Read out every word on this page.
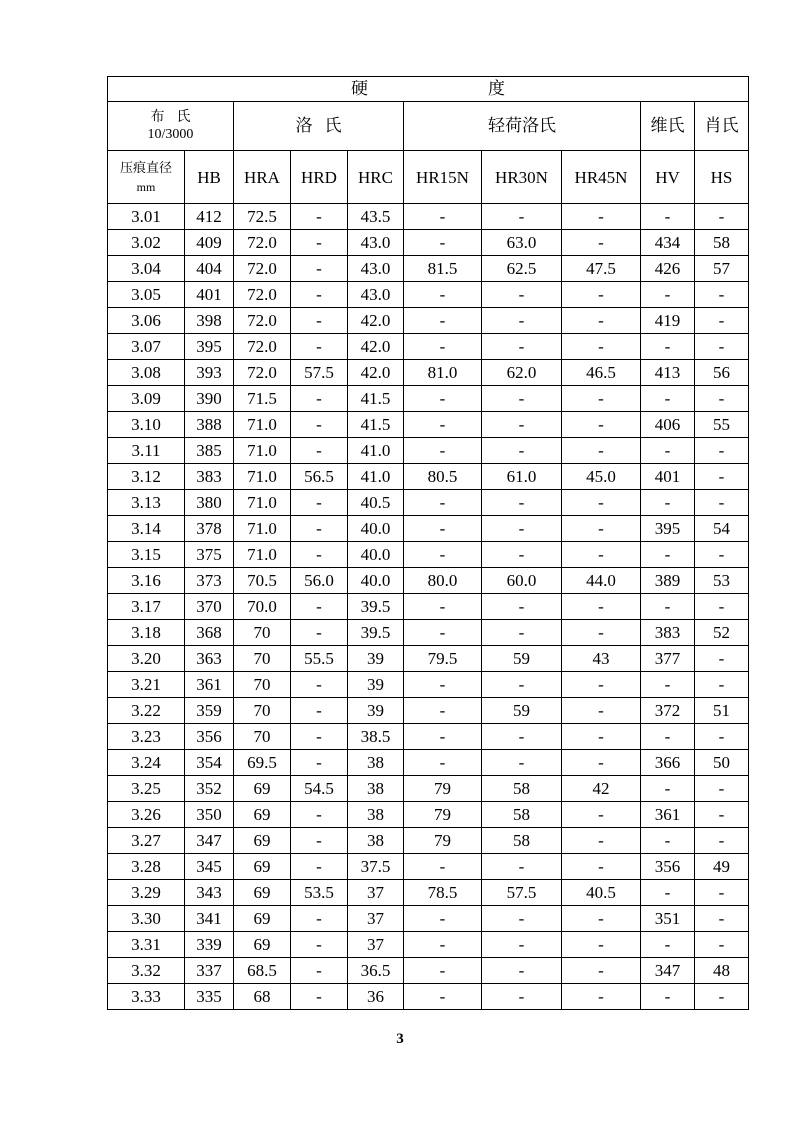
硬 度									

布 氏
10/3000		洛 氏			轻荷洛氏			维氏	肖氏

压痕直径
mm	HB	HRA	HRD	HRC	HR15N	HR30N	HR45N	HV	HS
3.01	412	72.5	-	43.5	-	-	-	-	-
3.02	409	72.0	-	43.0	-	63.0	-	434	58
3.04	404	72.0	-	43.0	81.5	62.5	47.5	426	57
3.05	401	72.0	-	43.0	-	-	-	-	-
3.06	398	72.0	-	42.0	-	-	-	419	-
3.07	395	72.0	-	42.0	-	-	-	-	-
3.08	393	72.0	57.5	42.0	81.0	62.0	46.5	413	56
3.09	390	71.5	-	41.5	-	-	-	-	-
3.10	388	71.0	-	41.5	-	-	-	406	55
3.11	385	71.0	-	41.0	-	-	-	-	-
3.12	383	71.0	56.5	41.0	80.5	61.0	45.0	401	-
3.13	380	71.0	-	40.5	-	-	-	-	-
3.14	378	71.0	-	40.0	-	-	-	395	54
3.15	375	71.0	-	40.0	-	-	-	-	-
3.16	373	70.5	56.0	40.0	80.0	60.0	44.0	389	53
3.17	370	70.0	-	39.5	-	-	-	-	-
3.18	368	70	-	39.5	-	-	-	383	52
3.20	363	70	55.5	39	79.5	59	43	377	-
3.21	361	70	-	39	-	-	-	-	-
3.22	359	70	-	39	-	59	-	372	51
3.23	356	70	-	38.5	-	-	-	-	-
3.24	354	69.5	-	38	-	-	-	366	50
3.25	352	69	54.5	38	79	58	42	-	-
3.26	350	69	-	38	79	58	-	361	-
3.27	347	69	-	38	79	58	-	-	-
3.28	345	69	-	37.5	-	-	-	356	49
3.29	343	69	53.5	37	78.5	57.5	40.5	-	-
3.30	341	69	-	37	-	-	-	351	-
3.31	339	69	-	37	-	-	-	-	-
3.32	337	68.5	-	36.5	-	-	-	347	48
3.33	335	68	-	36	-	-	-	-	-
3
